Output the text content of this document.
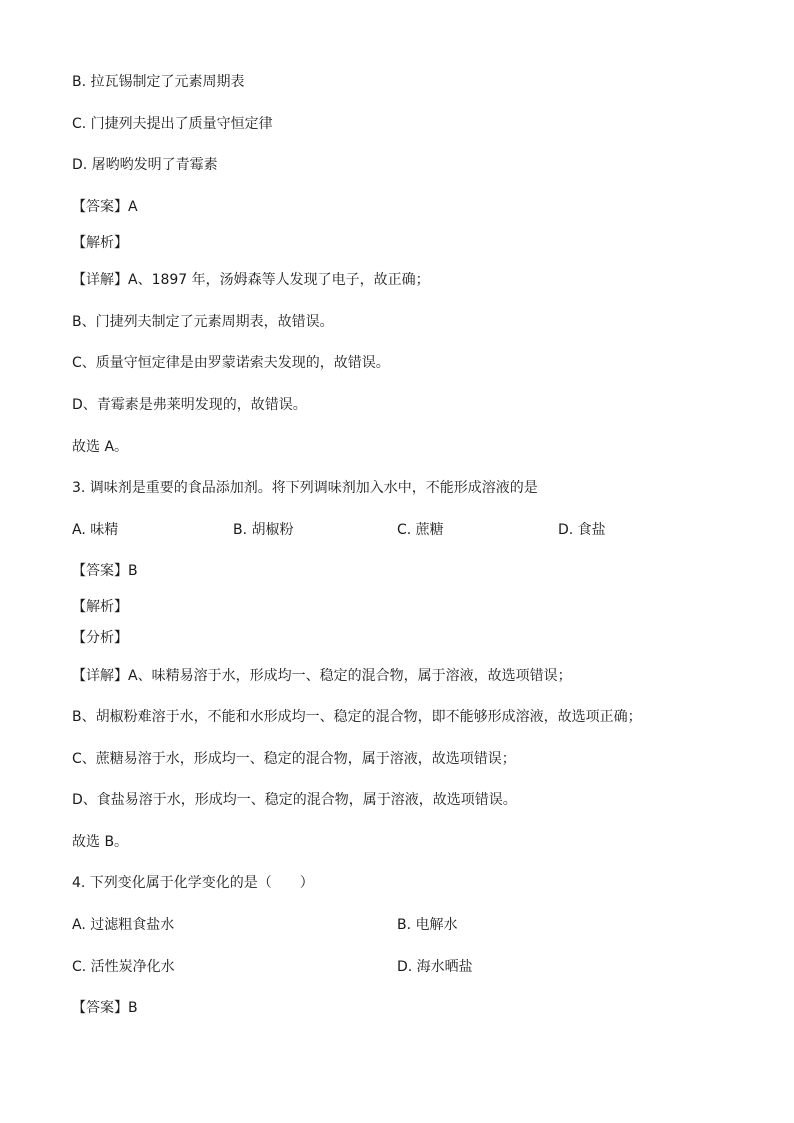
B. 拉瓦锡制定了元素周期表
C. 门捷列夫提出了质量守恒定律
D. 屠哟哟发明了青霉素
【答案】A
【解析】
【详解】A、1897 年，汤姆森等人发现了电子，故正确；
B、门捷列夫制定了元素周期表，故错误。
C、质量守恒定律是由罗蒙诺索夫发现的，故错误。
D、青霉素是弗莱明发现的，故错误。
故选 A。
3. 调味剂是重要的食品添加剂。将下列调味剂加入水中，不能形成溶液的是
A. 味精	B. 胡椒粉	C. 蔗糖	D. 食盐
【答案】B
【解析】
【分析】
【详解】A、味精易溶于水，形成均一、稳定的混合物，属于溶液，故选项错误；
B、胡椒粉难溶于水，不能和水形成均一、稳定的混合物，即不能够形成溶液，故选项正确；
C、蔗糖易溶于水，形成均一、稳定的混合物，属于溶液，故选项错误；
D、食盐易溶于水，形成均一、稳定的混合物，属于溶液，故选项错误。
故选 B。
4. 下列变化属于化学变化的是（　　）
A. 过滤粗食盐水	B. 电解水
C. 活性炭净化水	D. 海水晒盐
【答案】B
